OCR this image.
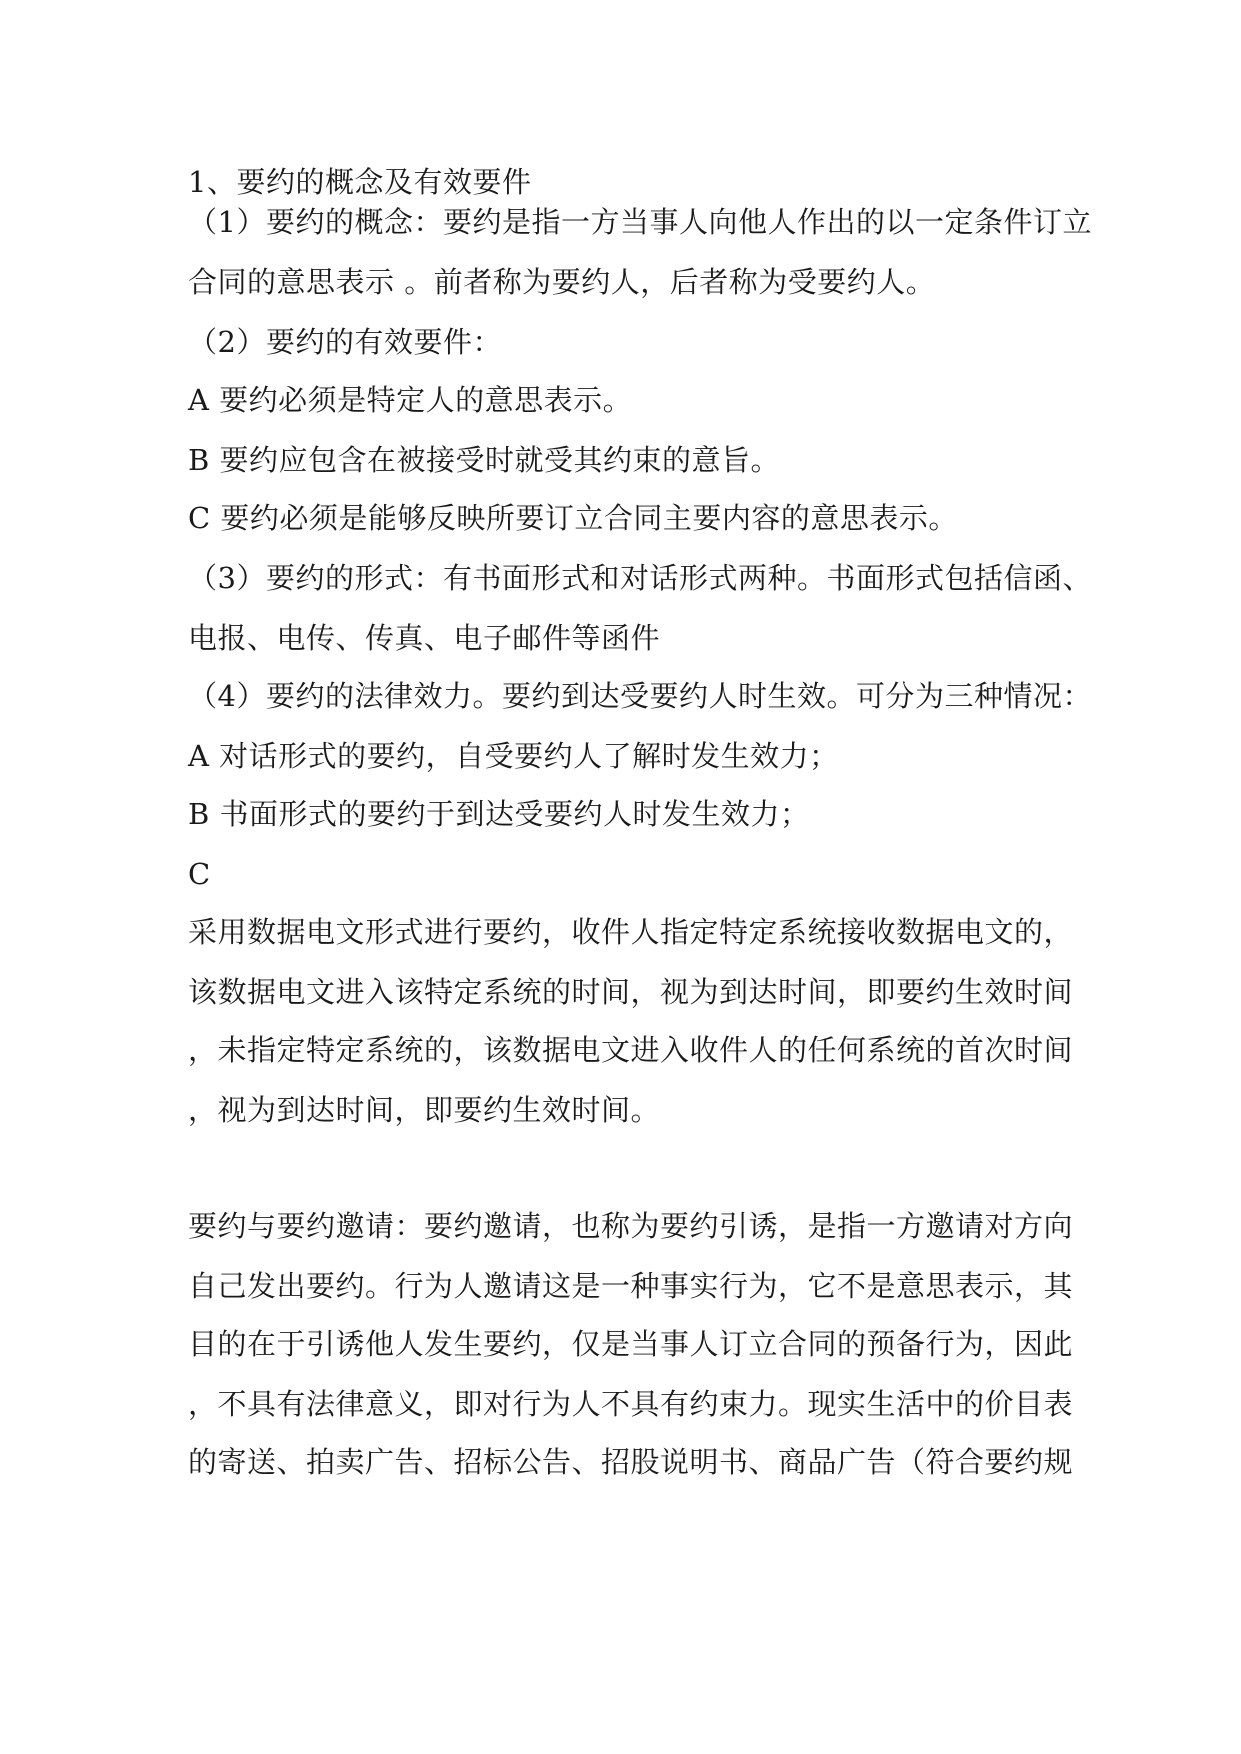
1、要约的概念及有效要件
（1）要约的概念：要约是指一方当事人向他人作出的以一定条件订立
合同的意思表示 。前者称为要约人，后者称为受要约人。
（2）要约的有效要件：
A 要约必须是特定人的意思表示。
B 要约应包含在被接受时就受其约束的意旨。
C 要约必须是能够反映所要订立合同主要内容的意思表示。
（3）要约的形式：有书面形式和对话形式两种。书面形式包括信函、
电报、电传、传真、电子邮件等函件
（4）要约的法律效力。要约到达受要约人时生效。可分为三种情况：
A 对话形式的要约，自受要约人了解时发生效力；
B 书面形式的要约于到达受要约人时发生效力；
C
采用数据电文形式进行要约，收件人指定特定系统接收数据电文的，
该数据电文进入该特定系统的时间，视为到达时间，即要约生效时间
，未指定特定系统的，该数据电文进入收件人的任何系统的首次时间
，视为到达时间，即要约生效时间。
要约与要约邀请：要约邀请，也称为要约引诱，是指一方邀请对方向
自己发出要约。行为人邀请这是一种事实行为，它不是意思表示，其
目的在于引诱他人发生要约，仅是当事人订立合同的预备行为，因此
，不具有法律意义，即对行为人不具有约束力。现实生活中的价目表
的寄送、拍卖广告、招标公告、招股说明书、商品广告（符合要约规
